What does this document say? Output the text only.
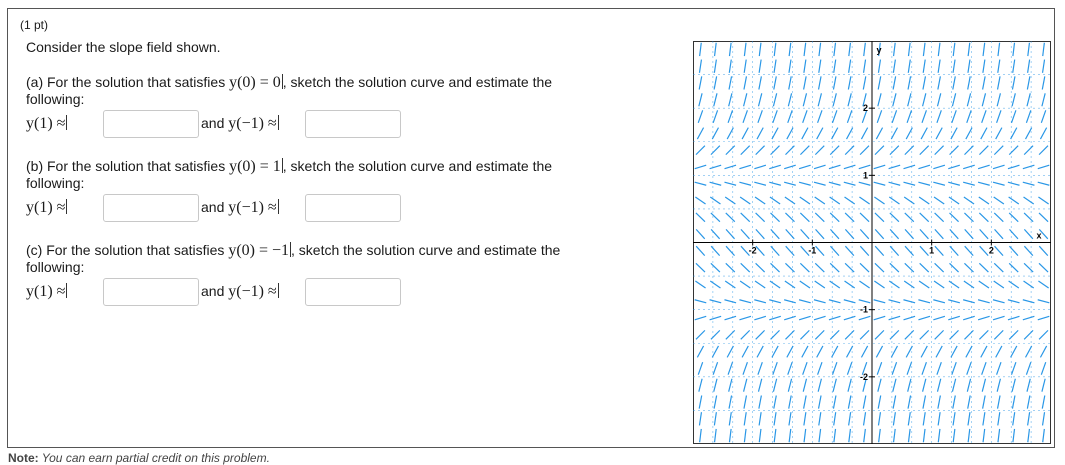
(1 pt)
Consider the slope field shown.
(a) For the solution that satisfies y(0) = 0 , sketch the solution curve and estimate the
following:
y(1) ≈	and y(−1) ≈
(b) For the solution that satisfies y(0) = 1 , sketch the solution curve and estimate the
following:
y(1) ≈	and y(−1) ≈
(c) For the solution that satisfies y(0) = −1 , sketch the solution curve and estimate the
following:
y(1) ≈	and y(−1) ≈
-2	-1	1	2
2
1
-1
-2
x
y
Note: You can earn partial credit on this problem.
